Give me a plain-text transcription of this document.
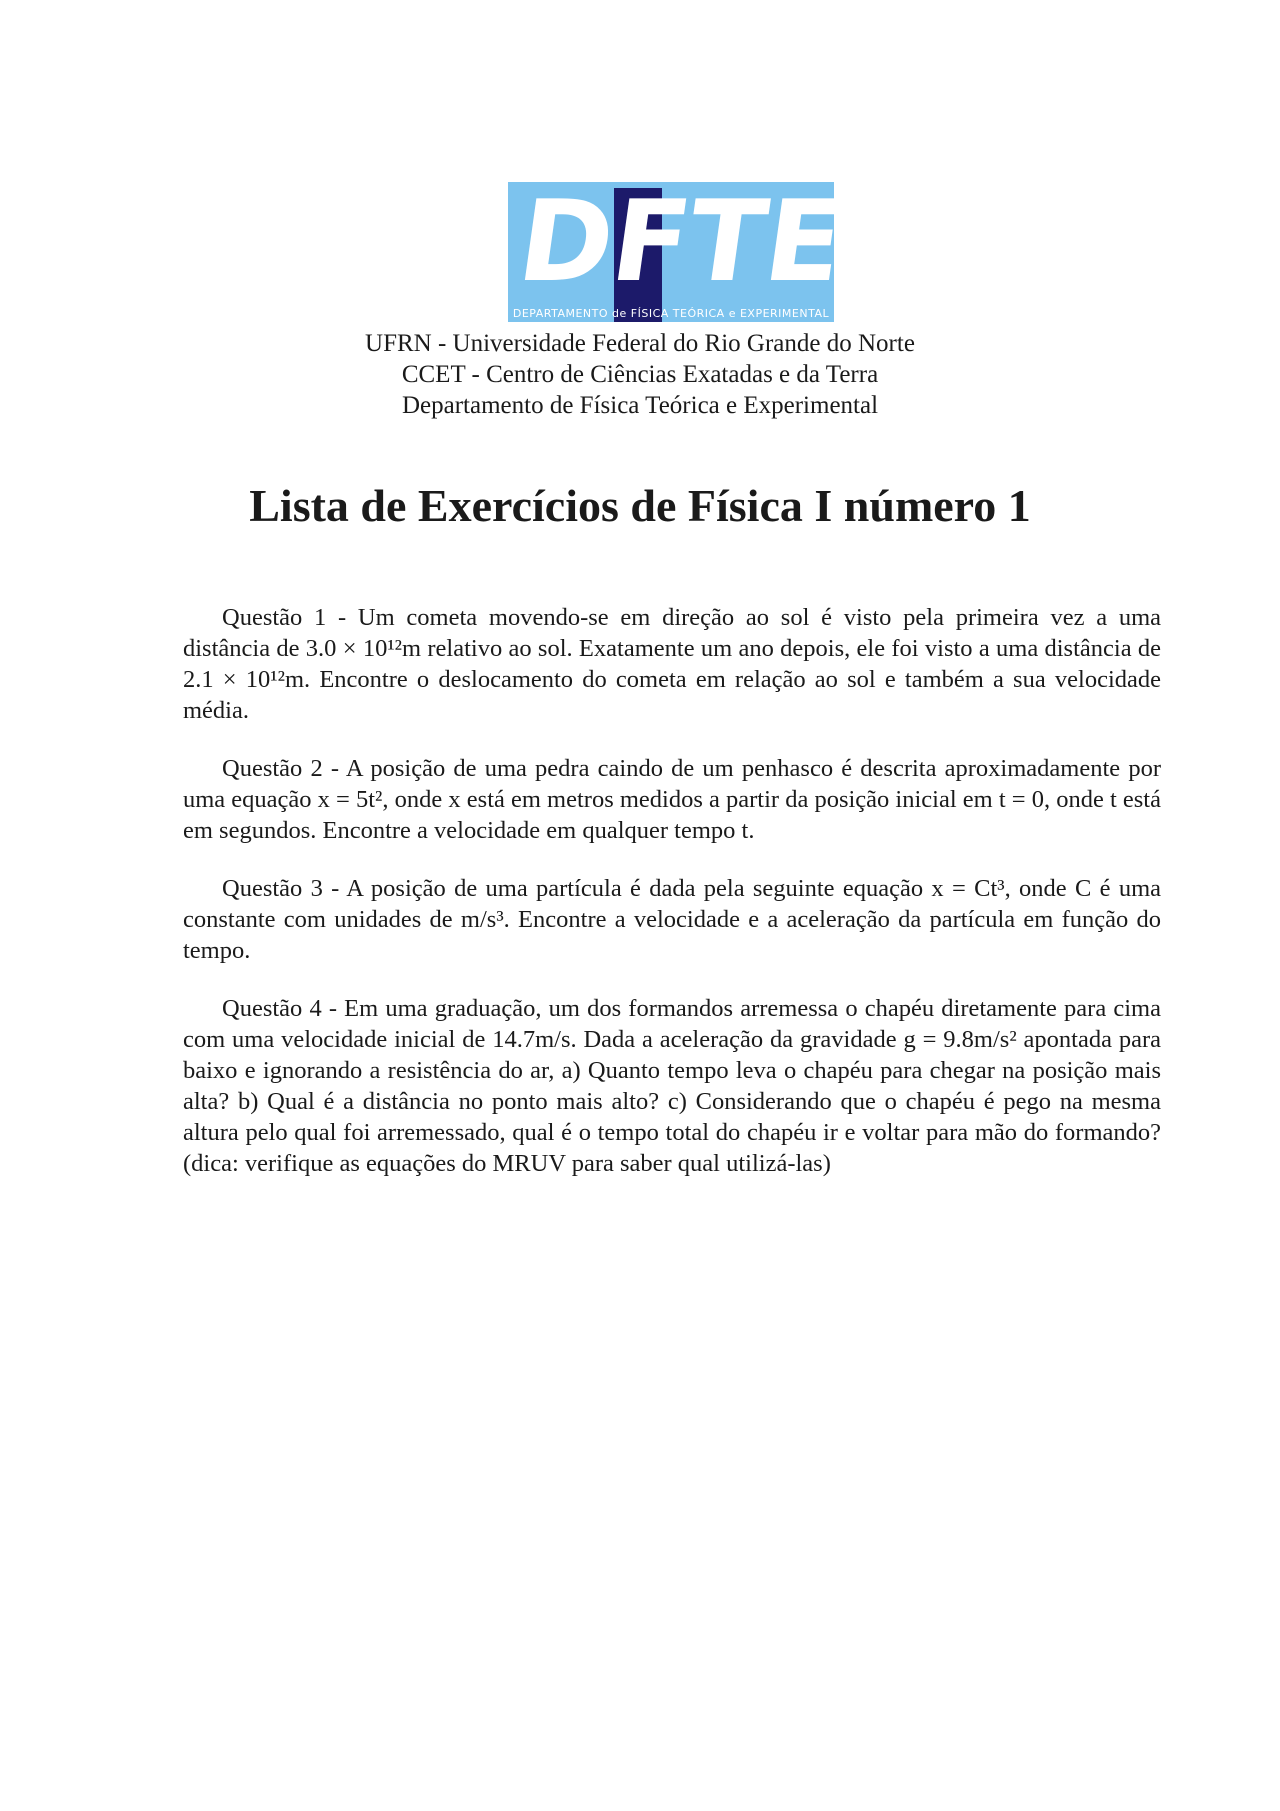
D
F
T
E
DEPARTAMENTO de FÍSICA TEÓRICA e EXPERIMENTAL
UFRN - Universidade Federal do Rio Grande do Norte
CCET - Centro de Ciências Exatadas e da Terra
Departamento de Física Teórica e Experimental
Lista de Exercícios de Física I número 1

Questão 1 - Um cometa movendo-se em direção ao sol é visto pela primeira vez a uma distância de 3.0 × 10¹²m relativo ao sol. Exatamente um ano depois, ele foi visto a uma distância de 2.1 × 10¹²m. Encontre o deslocamento do cometa em relação ao sol e também a sua velocidade média.

Questão 2 - A posição de uma pedra caindo de um penhasco é descrita aproximadamente por uma equação x = 5t², onde x está em metros medidos a partir da posição inicial em t = 0, onde t está em segundos. Encontre a velocidade em qualquer tempo t.

Questão 3 - A posição de uma partícula é dada pela seguinte equação x = Ct³, onde C é uma constante com unidades de m/s³. Encontre a velocidade e a aceleração da partícula em função do tempo.

Questão 4 - Em uma graduação, um dos formandos arremessa o chapéu diretamente para cima com uma velocidade inicial de 14.7m/s. Dada a aceleração da gravidade g = 9.8m/s² apontada para baixo e ignorando a resistência do ar, a) Quanto tempo leva o chapéu para chegar na posição mais alta? b) Qual é a distância no ponto mais alto? c) Considerando que o chapéu é pego na mesma altura pelo qual foi arremessado, qual é o tempo total do chapéu ir e voltar para mão do formando? (dica: verifique as equações do MRUV para saber qual utilizá-las)
